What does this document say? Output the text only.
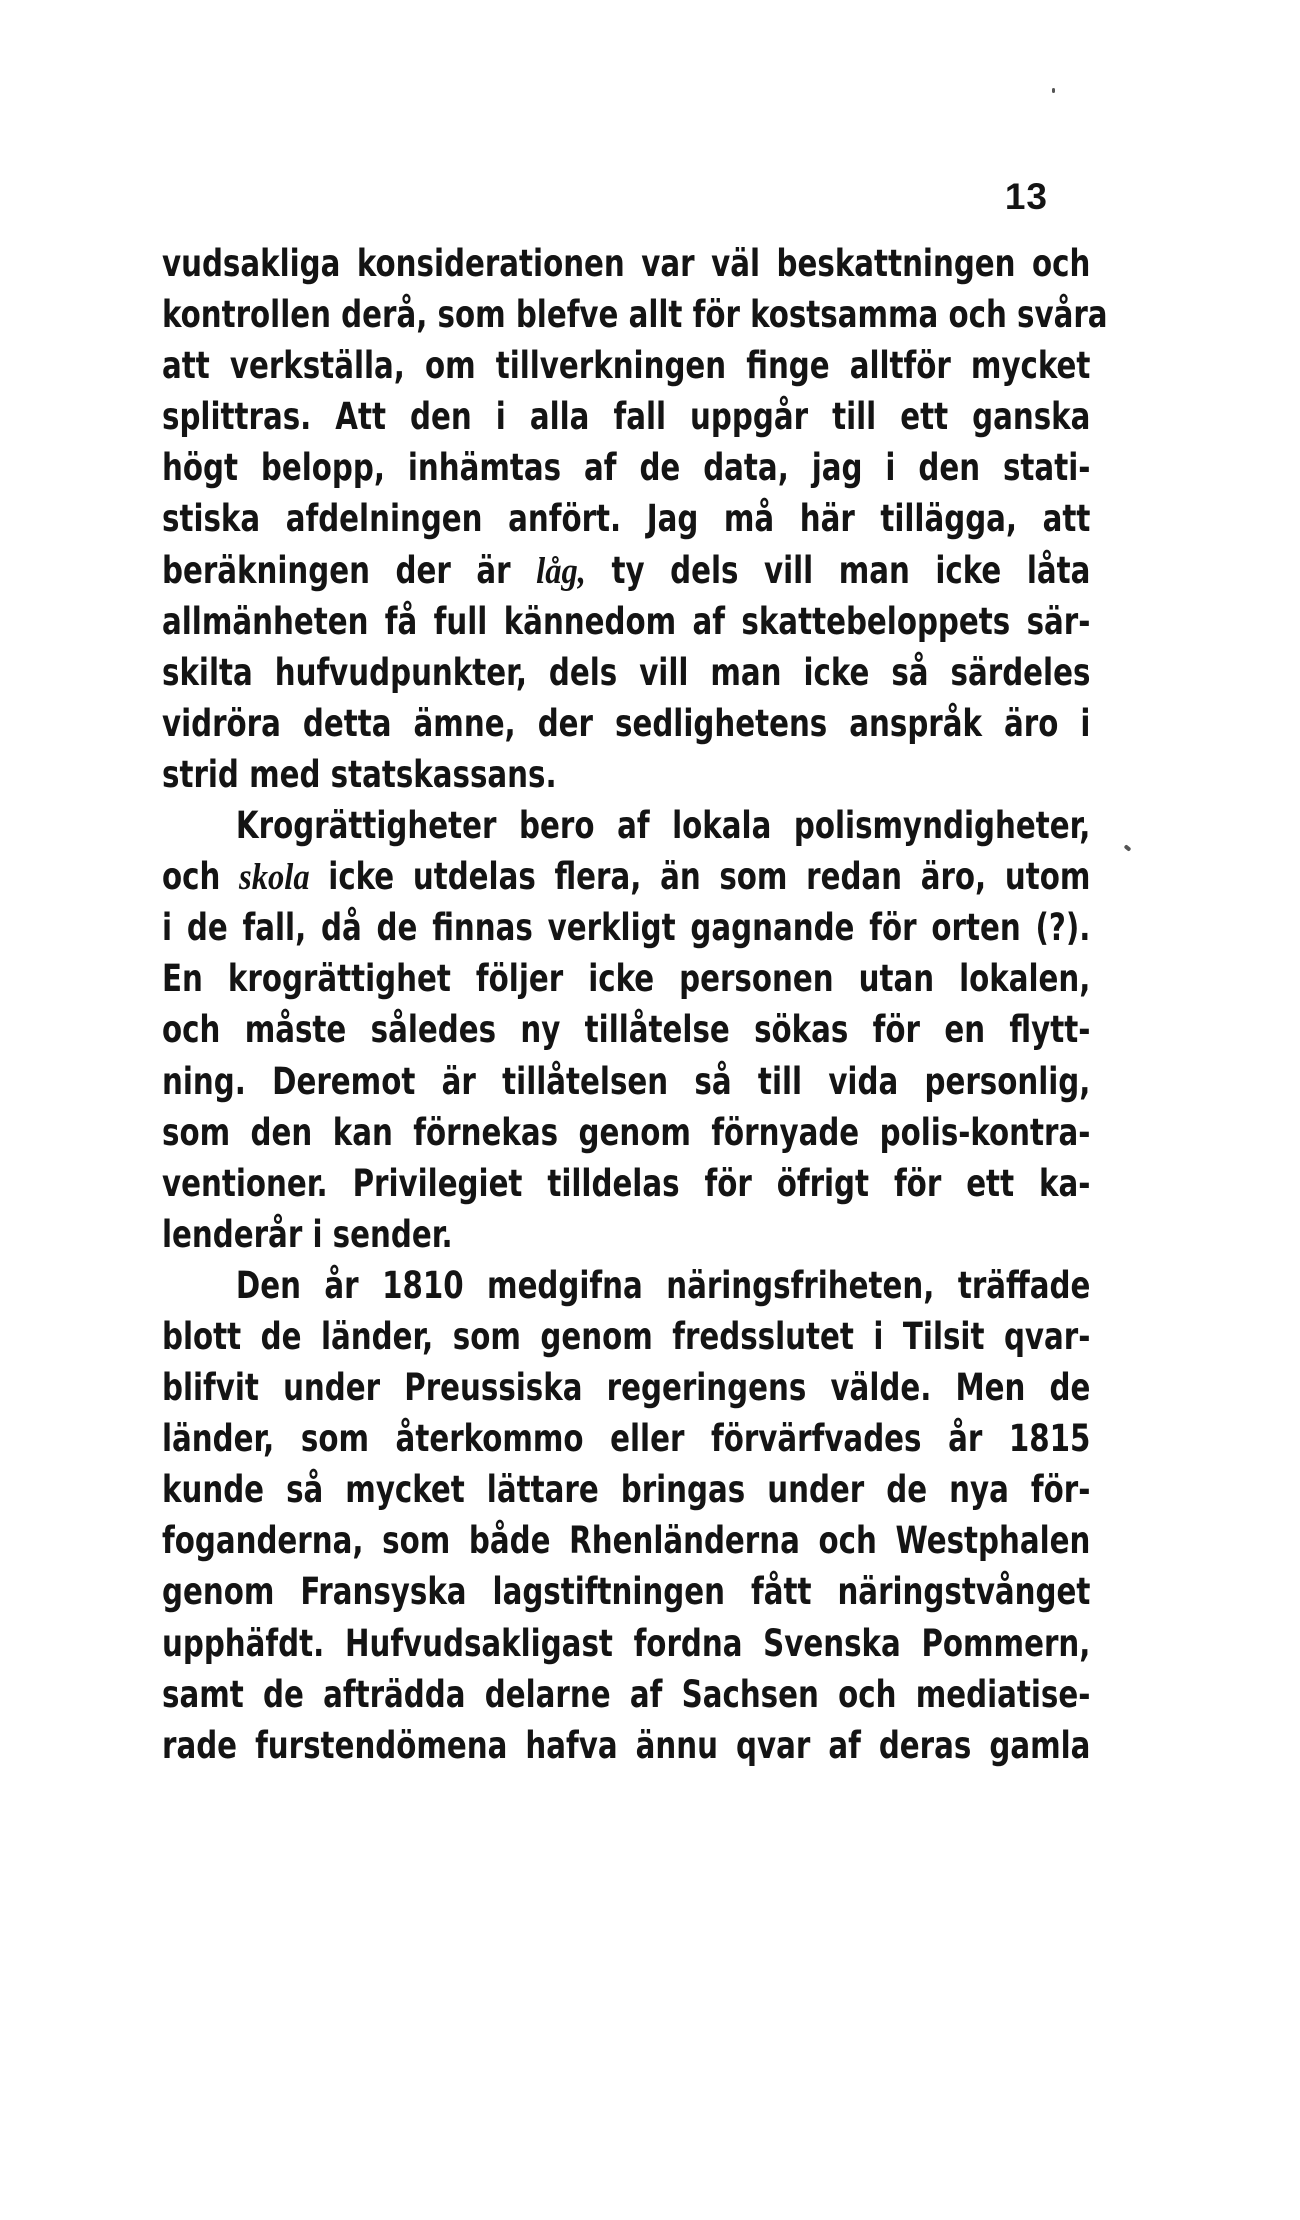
13
vudsakliga konsiderationen var väl beskattningen och
kontrollen derå, som blefve allt för kostsamma och svåra
att verkställa, om tillverkningen finge alltför mycket
splittras. Att den i alla fall uppgår till ett ganska
högt belopp, inhämtas af de data, jag i den stati-
stiska afdelningen anfört. Jag må här tillägga, att
beräkningen der är låg, ty dels vill man icke låta
allmänheten få full kännedom af skattebeloppets sär-
skilta hufvudpunkter, dels vill man icke så särdeles
vidröra detta ämne, der sedlighetens anspråk äro i
strid med statskassans.
Krogrättigheter bero af lokala polismyndigheter,
och skola icke utdelas flera, än som redan äro, utom
i de fall, då de finnas verkligt gagnande för orten (?).
En krogrättighet följer icke personen utan lokalen,
och måste således ny tillåtelse sökas för en flytt-
ning. Deremot är tillåtelsen så till vida personlig,
som den kan förnekas genom förnyade polis-kontra-
ventioner. Privilegiet tilldelas för öfrigt för ett ka-
lenderår i sender.
Den år 1810 medgifna näringsfriheten, träffade
blott de länder, som genom fredsslutet i Tilsit qvar-
blifvit under Preussiska regeringens välde. Men de
länder, som återkommo eller förvärfvades år 1815
kunde så mycket lättare bringas under de nya för-
foganderna, som både Rhenländerna och Westphalen
genom Fransyska lagstiftningen fått näringstvånget
upphäfdt. Hufvudsakligast fordna Svenska Pommern,
samt de afträdda delarne af Sachsen och mediatise-
rade furstendömena hafva ännu qvar af deras gamla
